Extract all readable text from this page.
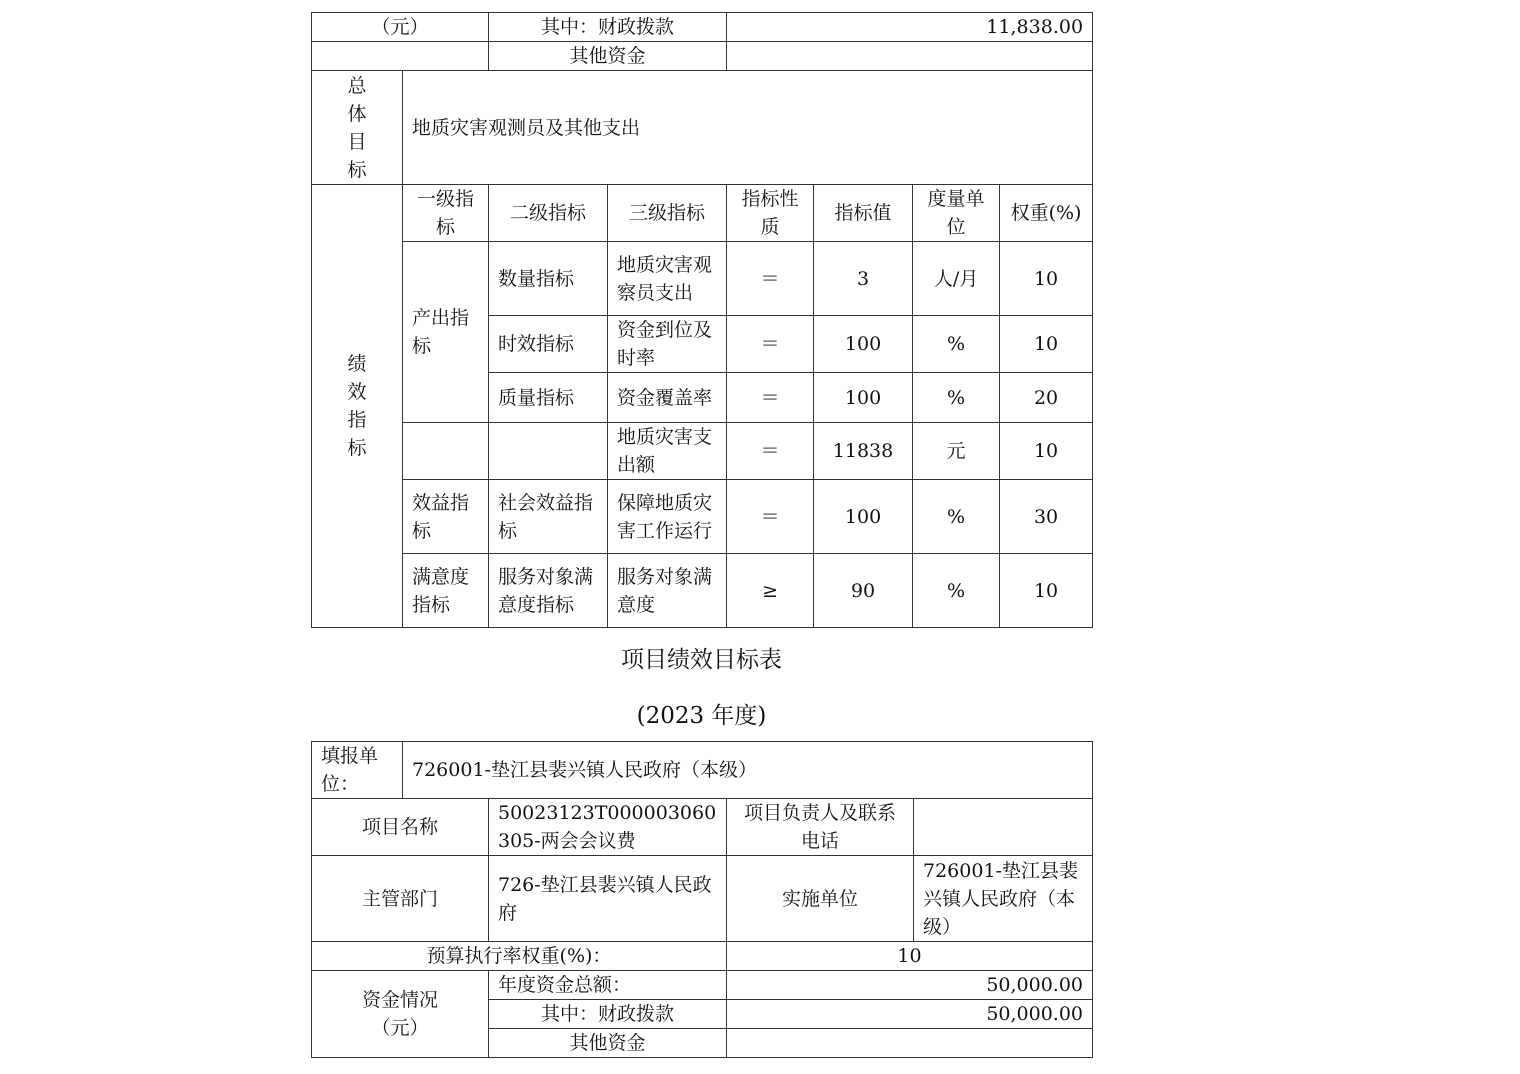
（元）		其中：财政拨款		11,838.00			
		其他资金					
总体目标	地质灾害观测员及其他支出						
绩效指标	一级指标	二级指标	三级指标	指标性质	指标值	度量单位	权重(%)
	产出指标	数量指标	地质灾害观察员支出	＝	3	人/月	10
		时效指标	资金到位及时率	＝	100	%	10
		质量指标	资金覆盖率	＝	100	%	20
			地质灾害支出额	＝	11838	元	10
	效益指标	社会效益指标	保障地质灾害工作运行	＝	100	%	30
	满意度指标	服务对象满意度指标	服务对象满意度	≥	90	%	10
项目绩效目标表
(2023 年度)
填报单位：	726001-垫江县裴兴镇人民政府（本级）			
项目名称		50023123T000003060305-两会会议费	项目负责人及联系电话	
主管部门		726-垫江县裴兴镇人民政府	实施单位	726001-垫江县裴兴镇人民政府（本级）
预算执行率权重(%)：			10	
资金情况（元）		年度资金总额：	50,000.00	
		其中：财政拨款	50,000.00	
		其他资金		
